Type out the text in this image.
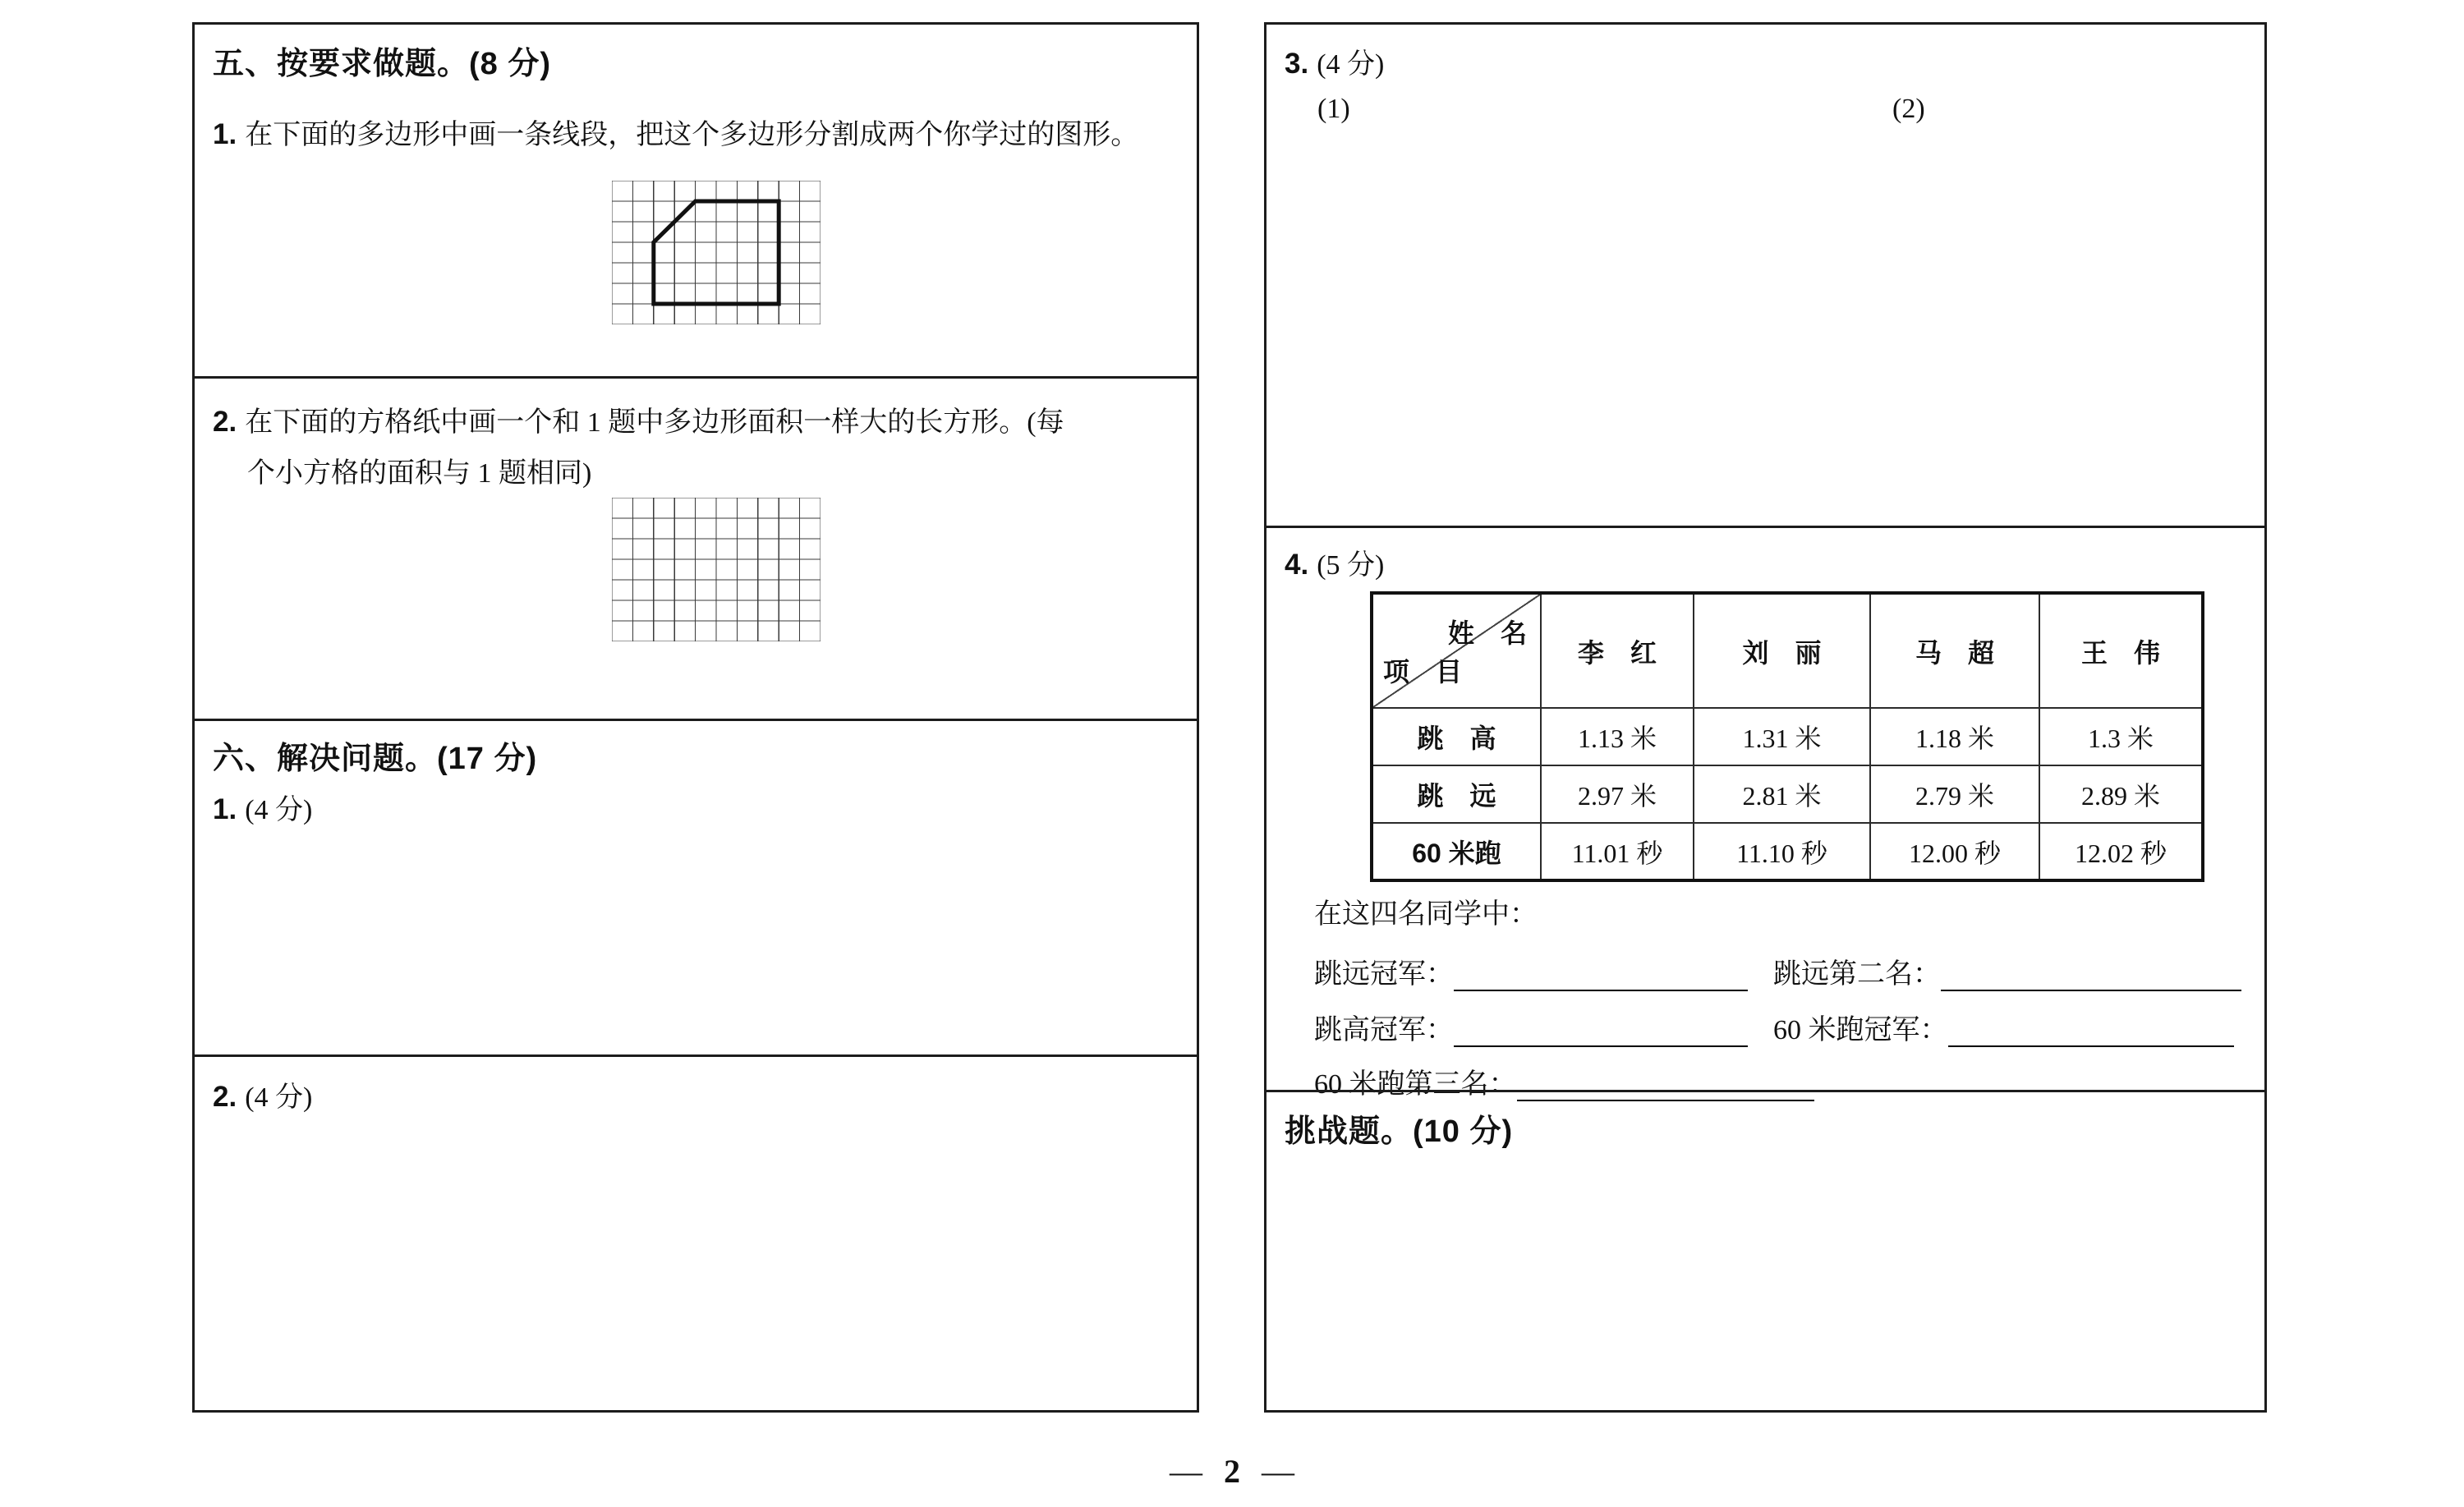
五、按要求做题。(8 分)
1. 在下面的多边形中画一条线段，把这个多边形分割成两个你学过的图形。
2. 在下面的方格纸中画一个和 1 题中多边形面积一样大的长方形。(每
个小方格的面积与 1 题相同)
六、解决问题。(17 分)
1. (4 分)
2. (4 分)
3. (4 分)
(1)	(2)
4. (5 分)
姓　名
项　目	李　红	刘　丽	马　超	王　伟
跳　高	1.13 米	1.31 米	1.18 米	1.3 米
跳　远	2.97 米	2.81 米	2.79 米	2.89 米
60 米跑	11.01 秒	11.10 秒	12.00 秒	12.02 秒
在这四名同学中：
跳远冠军：	跳远第二名：
跳高冠军：	60 米跑冠军：
60 米跑第三名：
挑战题。(10 分)
— 2 —
